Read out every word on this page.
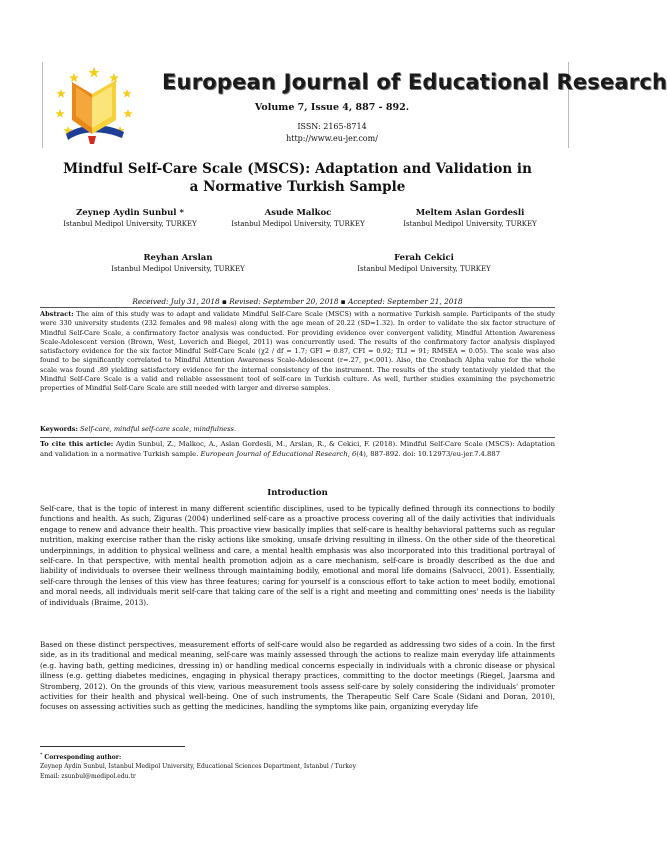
European Journal of Educational Research
Volume 7, Issue 4, 887 - 892.
ISSN: 2165-8714
http://www.eu-jer.com/
Mindful Self-Care Scale (MSCS): Adaptation and Validation in a Normative Turkish Sample
Zeynep Aydin Sunbul *
Istanbul Medipol University, TURKEY
Asude Malkoc
Istanbul Medipol University, TURKEY
Meltem Aslan Gordesli
Istanbul Medipol University, TURKEY
Reyhan Arslan
Istanbul Medipol University, TURKEY
Ferah Cekici
Istanbul Medipol University, TURKEY
Received: July 31, 2018 ▪ Revised: September 20, 2018 ▪ Accepted: September 21, 2018
Abstract: The aim of this study was to adapt and validate Mindful Self-Care Scale (MSCS) with a normative Turkish sample. Participants of the study were 330 university students (232 females and 98 males) along with the age mean of 20.22 (SD=1.32). In order to validate the six factor structure of Mindful Self-Care Scale, a confirmatory factor analysis was conducted. For providing evidence over convergent validity, Mindful Attention Awareness Scale-Adolescent version (Brown, West, Loverich and Biegel, 2011) was concurrently used. The results of the confirmatory factor analysis displayed satisfactory evidence for the six factor Mindful Self-Care Scale (χ2 / df = 1.7; GFI = 0.87, CFI = 0.92; TLI = 91; RMSEA = 0.05). The scale was also found to be significantly correlated to Mindful Attention Awareness Scale-Adolescent (r=.27, p<.001). Also, the Cronbach Alpha value for the whole scale was found .89 yielding satisfactory evidence for the internal consistency of the instrument. The results of the study tentatively yielded that the Mindful Self-Care Scale is a valid and reliable assessment tool of self-care in Turkish culture. As well, further studies examining the psychometric properties of Mindful Self-Care Scale are still needed with larger and diverse samples.
Keywords: Self-care, mindful self-care scale, mindfulness.
To cite this article: Aydin Sunbul, Z., Malkoc, A., Aslan Gordesli, M., Arslan, R., & Cekici, F. (2018). Mindful Self-Care Scale (MSCS): Adaptation and validation in a normative Turkish sample. European Journal of Educational Research, 6(4), 887-892. doi: 10.12973/eu-jer.7.4.887
Introduction

Self-care, that is the topic of interest in many different scientific disciplines, used to be typically defined through its connections to bodily functions and health. As such, Ziguras (2004) underlined self-care as a proactive process covering all of the daily activities that individuals engage to renew and advance their health. This proactive view basically implies that self-care is healthy behavioral patterns such as regular nutrition, making exercise rather than the risky actions like smoking, unsafe driving resulting in illness. On the other side of the theoretical underpinnings, in addition to physical wellness and care, a mental health emphasis was also incorporated into this traditional portrayal of self-care. In that perspective, with mental health promotion adjoin as a care mechanism, self-care is broadly described as the due and liability of individuals to oversee their wellness through maintaining bodily, emotional and moral life domains (Salvucci, 2001). Essentially, self-care through the lenses of this view has three features; caring for yourself is a conscious effort to take action to meet bodily, emotional and moral needs, all individuals merit self-care that taking care of the self is a right and meeting and committing ones' needs is the liability of individuals (Braime, 2013).

Based on these distinct perspectives, measurement efforts of self-care would also be regarded as addressing two sides of a coin. In the first side, as in its traditional and medical meaning, self-care was mainly assessed through the actions to realize main everyday life attainments (e.g. having bath, getting medicines, dressing in) or handling medical concerns especially in individuals with a chronic disease or physical illness (e.g. getting diabetes medicines, engaging in physical therapy practices, committing to the doctor meetings (Riegel, Jaarsma and Stromberg, 2012). On the grounds of this view, various measurement tools assess self-care by solely considering the individuals' promoter activities for their health and physical well-being. One of such instruments, the Therapeutic Self Care Scale (Sidani and Doran, 2010), focuses on assessing activities such as getting the medicines, handling the symptoms like pain, organizing everyday life

* Corresponding author:
Zeynep Aydin Sunbul, Istanbul Medipol University, Educational Sciences Department, Istanbul / Turkey
Email: zsunbul@medipol.edu.tr
